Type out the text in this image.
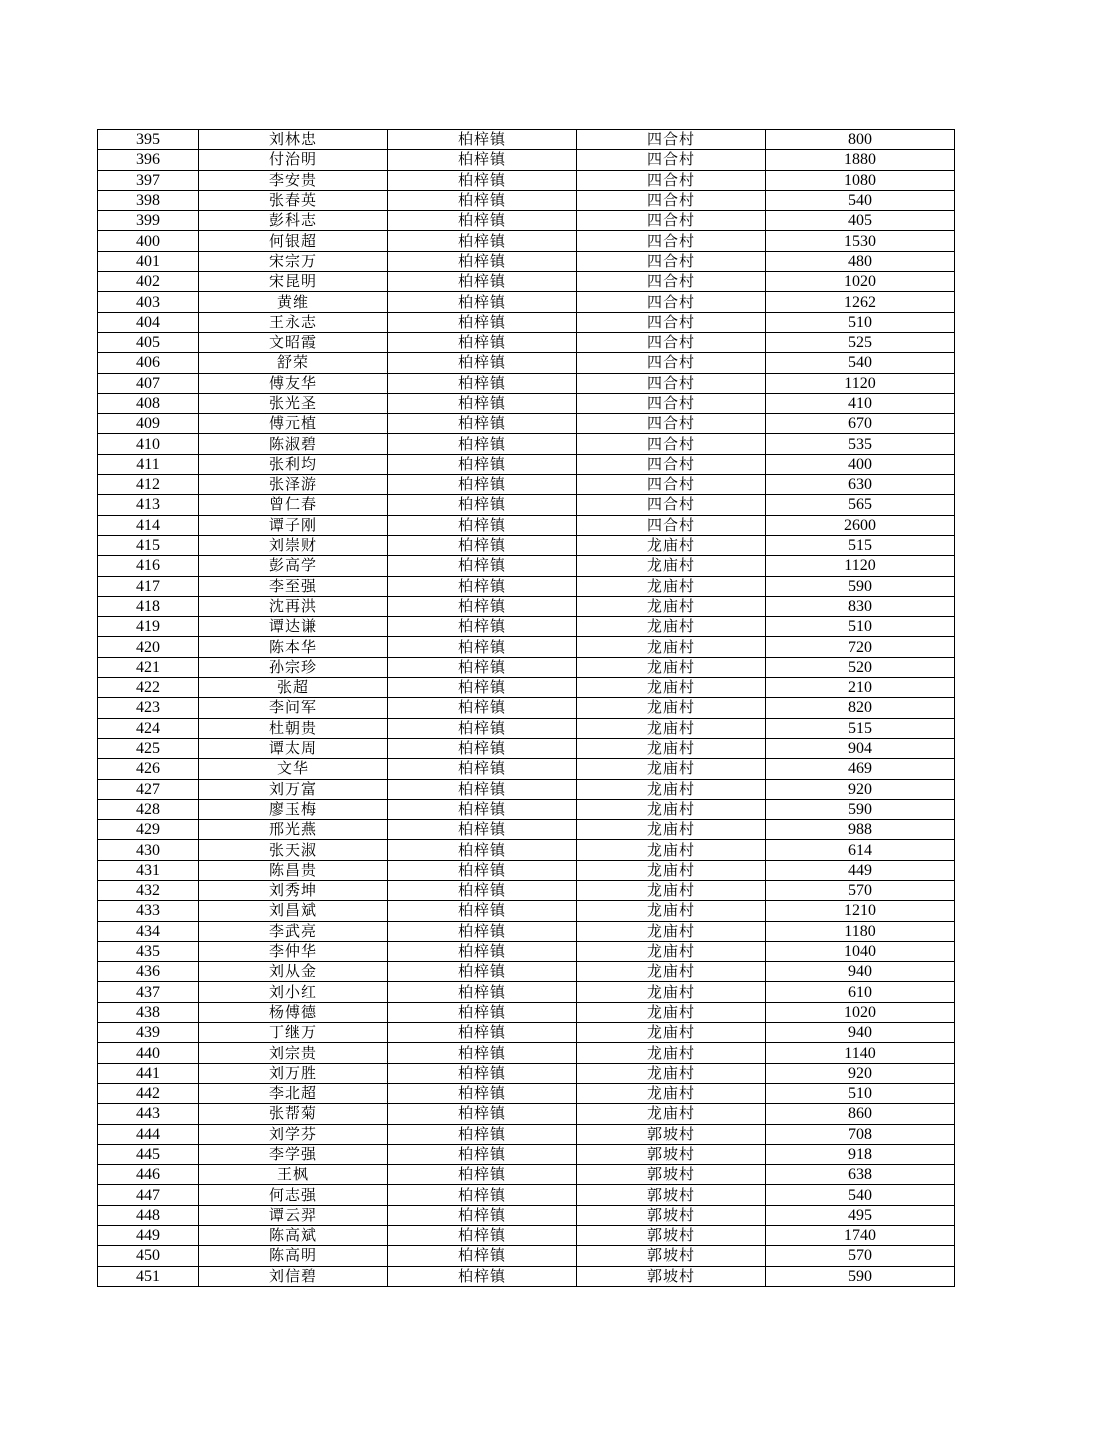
395	刘林忠	柏梓镇	四合村	800
396	付治明	柏梓镇	四合村	1880
397	李安贵	柏梓镇	四合村	1080
398	张春英	柏梓镇	四合村	540
399	彭科志	柏梓镇	四合村	405
400	何银超	柏梓镇	四合村	1530
401	宋宗万	柏梓镇	四合村	480
402	宋昆明	柏梓镇	四合村	1020
403	黄维	柏梓镇	四合村	1262
404	王永志	柏梓镇	四合村	510
405	文昭霞	柏梓镇	四合村	525
406	舒荣	柏梓镇	四合村	540
407	傅友华	柏梓镇	四合村	1120
408	张光圣	柏梓镇	四合村	410
409	傅元植	柏梓镇	四合村	670
410	陈淑碧	柏梓镇	四合村	535
411	张利均	柏梓镇	四合村	400
412	张泽游	柏梓镇	四合村	630
413	曾仁春	柏梓镇	四合村	565
414	谭子刚	柏梓镇	四合村	2600
415	刘崇财	柏梓镇	龙庙村	515
416	彭高学	柏梓镇	龙庙村	1120
417	李至强	柏梓镇	龙庙村	590
418	沈再洪	柏梓镇	龙庙村	830
419	谭达谦	柏梓镇	龙庙村	510
420	陈本华	柏梓镇	龙庙村	720
421	孙宗珍	柏梓镇	龙庙村	520
422	张超	柏梓镇	龙庙村	210
423	李问军	柏梓镇	龙庙村	820
424	杜朝贵	柏梓镇	龙庙村	515
425	谭太周	柏梓镇	龙庙村	904
426	文华	柏梓镇	龙庙村	469
427	刘万富	柏梓镇	龙庙村	920
428	廖玉梅	柏梓镇	龙庙村	590
429	邢光燕	柏梓镇	龙庙村	988
430	张天淑	柏梓镇	龙庙村	614
431	陈昌贵	柏梓镇	龙庙村	449
432	刘秀坤	柏梓镇	龙庙村	570
433	刘昌斌	柏梓镇	龙庙村	1210
434	李武亮	柏梓镇	龙庙村	1180
435	李仲华	柏梓镇	龙庙村	1040
436	刘从金	柏梓镇	龙庙村	940
437	刘小红	柏梓镇	龙庙村	610
438	杨傅德	柏梓镇	龙庙村	1020
439	丁继万	柏梓镇	龙庙村	940
440	刘宗贵	柏梓镇	龙庙村	1140
441	刘万胜	柏梓镇	龙庙村	920
442	李北超	柏梓镇	龙庙村	510
443	张帮菊	柏梓镇	龙庙村	860
444	刘学芬	柏梓镇	郭坡村	708
445	李学强	柏梓镇	郭坡村	918
446	王枫	柏梓镇	郭坡村	638
447	何志强	柏梓镇	郭坡村	540
448	谭云羿	柏梓镇	郭坡村	495
449	陈高斌	柏梓镇	郭坡村	1740
450	陈高明	柏梓镇	郭坡村	570
451	刘信碧	柏梓镇	郭坡村	590
